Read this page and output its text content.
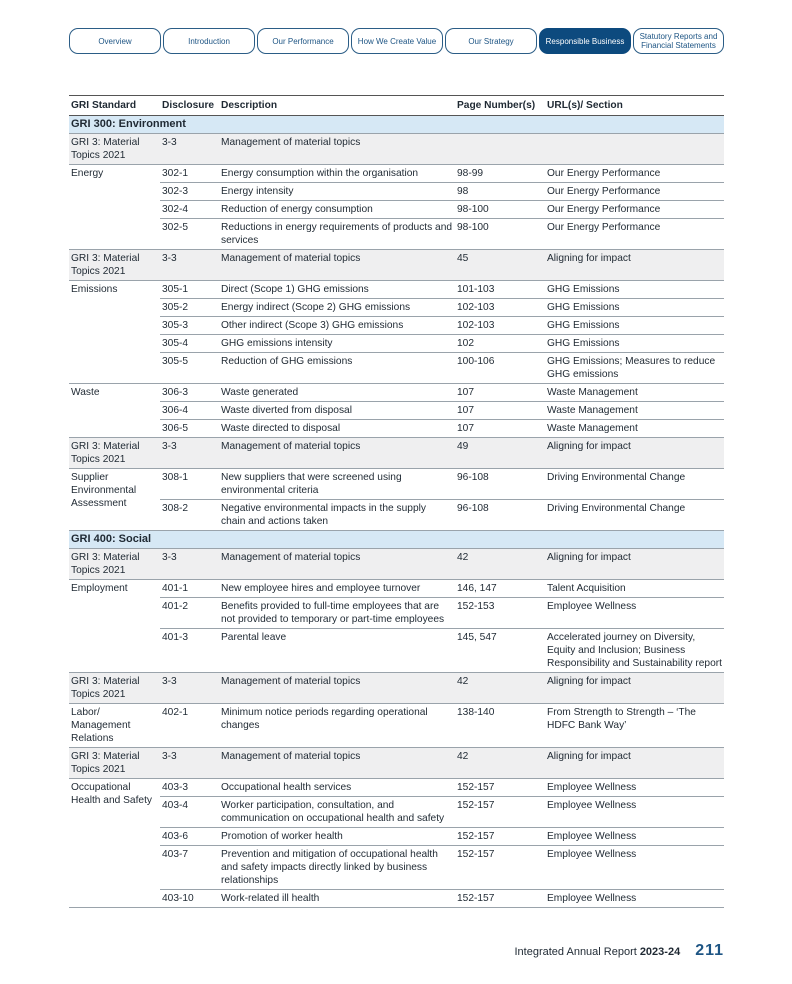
Overview	Introduction	Our Performance	How We Create Value	Our Strategy	Responsible Business	Statutory Reports and Financial Statements
GRI Standard	Disclosure	Description	Page Number(s)	URL(s)/ Section
GRI 300: Environment				
GRI 3: Material Topics 2021	3-3	Management of material topics		
Energy	302-1	Energy consumption within the organisation	98-99	Our Energy Performance
	302-3	Energy intensity	98	Our Energy Performance
	302-4	Reduction of energy consumption	98-100	Our Energy Performance
	302-5	Reductions in energy requirements of products and services	98-100	Our Energy Performance
GRI 3: Material Topics 2021	3-3	Management of material topics	45	Aligning for impact
Emissions	305-1	Direct (Scope 1) GHG emissions	101-103	GHG Emissions
	305-2	Energy indirect (Scope 2) GHG emissions	102-103	GHG Emissions
	305-3	Other indirect (Scope 3) GHG emissions	102-103	GHG Emissions
	305-4	GHG emissions intensity	102	GHG Emissions
	305-5	Reduction of GHG emissions	100-106	GHG Emissions; Measures to reduce GHG emissions
Waste	306-3	Waste generated	107	Waste Management
	306-4	Waste diverted from disposal	107	Waste Management
	306-5	Waste directed to disposal	107	Waste Management
GRI 3: Material Topics 2021	3-3	Management of material topics	49	Aligning for impact
Supplier Environmental Assessment	308-1	New suppliers that were screened using environmental criteria	96-108	Driving Environmental Change
	308-2	Negative environmental impacts in the supply chain and actions taken	96-108	Driving Environmental Change
GRI 400: Social				
GRI 3: Material Topics 2021	3-3	Management of material topics	42	Aligning for impact
Employment	401-1	New employee hires and employee turnover	146, 147	Talent Acquisition
	401-2	Benefits provided to full-time employees that are not provided to temporary or part-time employees	152-153	Employee Wellness
	401-3	Parental leave	145, 547	Accelerated journey on Diversity, Equity and Inclusion; Business Responsibility and Sustainability report
GRI 3: Material Topics 2021	3-3	Management of material topics	42	Aligning for impact
Labor/ Management Relations	402-1	Minimum notice periods regarding operational changes	138-140	From Strength to Strength – ‘The HDFC Bank Way’
GRI 3: Material Topics 2021	3-3	Management of material topics	42	Aligning for impact
Occupational Health and Safety	403-3	Occupational health services	152-157	Employee Wellness
	403-4	Worker participation, consultation, and communication on occupational health and safety	152-157	Employee Wellness
	403-6	Promotion of worker health	152-157	Employee Wellness
	403-7	Prevention and mitigation of occupational health and safety impacts directly linked by business relationships	152-157	Employee Wellness
	403-10	Work-related ill health	152-157	Employee Wellness
Integrated Annual Report 2023-24 211
